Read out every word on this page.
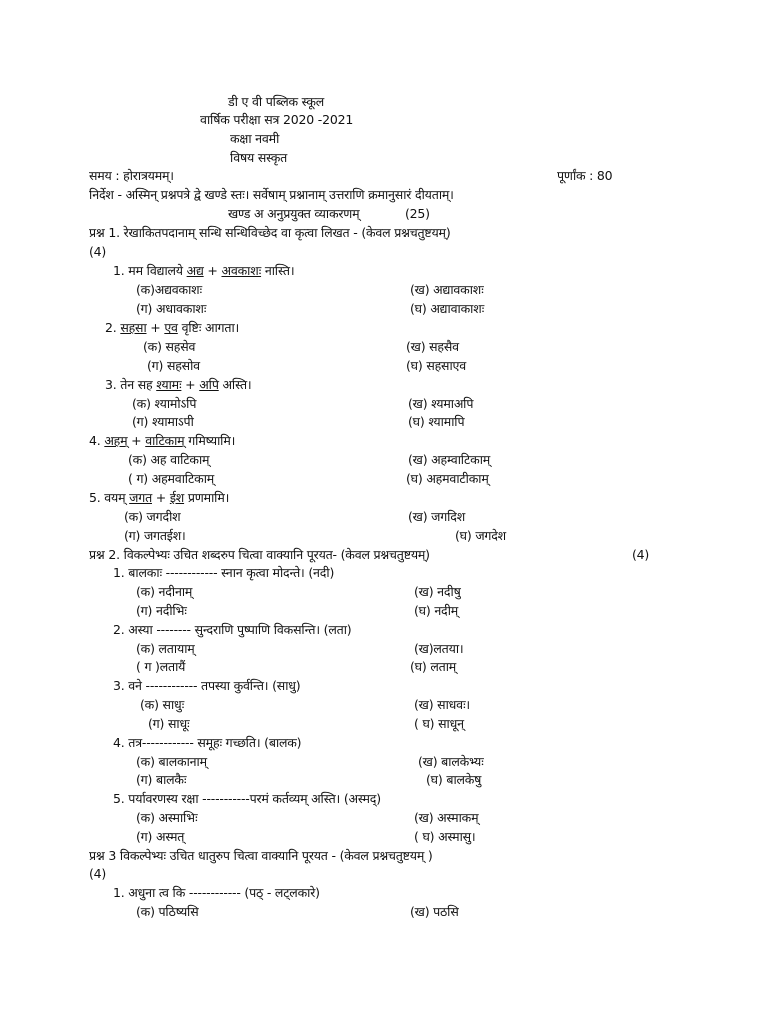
डी ए वी पब्लिक स्कूल
वार्षिक परीक्षा सत्र 2020 -2021
कक्षा नवमी
विषय सस्कृत
समय : होरात्रयमम्।	पूर्णांक : 80
निर्देश - अस्मिन् प्रश्नपत्रे द्वे खण्डे स्तः। सर्वेषाम् प्रश्नानाम् उत्तराणि क्रमानुसारं दीयताम्।
खण्ड अ अनुप्रयुक्त व्याकरणम्	(25)
प्रश्न 1. रेखाकितपदानाम् सन्धि सन्धिविच्छेद वा कृत्वा लिखत - (केवल प्रश्नचतुष्टयम्)
(4)
1. मम विद्यालये अद्य + अवकाशः नास्ति।
(क)अद्यवकाशः	(ख) अद्यावकाशः
(ग) अधावकाशः	(घ) अद्यावाकाशः
2. सहसा + एव वृष्टिः आगता।
(क) सहसेव	(ख) सहसैव
(ग) सहसोव	(घ) सहसाएव
3. तेन सह श्यामः + अपि अस्ति।
(क) श्यामोऽपि	(ख) श्यमाअपि
(ग) श्यामाऽपी	(घ) श्यामापि
4. अहम् + वाटिकाम् गमिष्यामि।
(क) अह वाटिकाम्	(ख) अहम्वाटिकाम्
( ग) अहमवाटिकाम्	(घ) अहमवाटीकाम्
5. वयम् जगत + ईश प्रणमामि।
(क) जगदीश	(ख) जगदिश
(ग) जगतईश।	(घ) जगदेश
प्रश्न 2. विकल्पेभ्यः उचित शब्दरुप चित्वा वाक्यानि पूरयत- (केवल प्रश्नचतुष्टयम्)	(4)
1. बालकाः ------------ स्नान कृत्वा मोदन्ते। (नदी)
(क) नदीनाम्	(ख) नदीषु
(ग) नदीभिः	(घ) नदीम्
2. अस्या -------- सुन्दराणि पुष्पाणि विकसन्ति। (लता)
(क) लतायाम्	(ख)लतया।
( ग )लतायैं	(घ) लताम्
3. वने ------------ तपस्या कुर्वन्ति। (साधु)
(क) साधुः	(ख) साधवः।
(ग) साधूः	( घ) साधून्
4. तत्र------------ समूहः गच्छति। (बालक)
(क) बालकानाम्	(ख) बालकेभ्यः
(ग) बालकैः	(घ) बालकेषु
5. पर्यावरणस्य रक्षा -----------परमं कर्तव्यम् अस्ति। (अस्मद्)
(क) अस्माभिः	(ख) अस्माकम्
(ग) अस्मत्	( घ) अस्मासु।
प्रश्न 3 विकल्पेभ्यः उचित धातुरुप चित्वा वाक्यानि पूरयत - (केवल प्रश्नचतुष्टयम् )
(4)
1. अधुना त्व कि ------------ (पठ् - लट्लकारे)
(क) पठिष्यसि	(ख) पठसि
